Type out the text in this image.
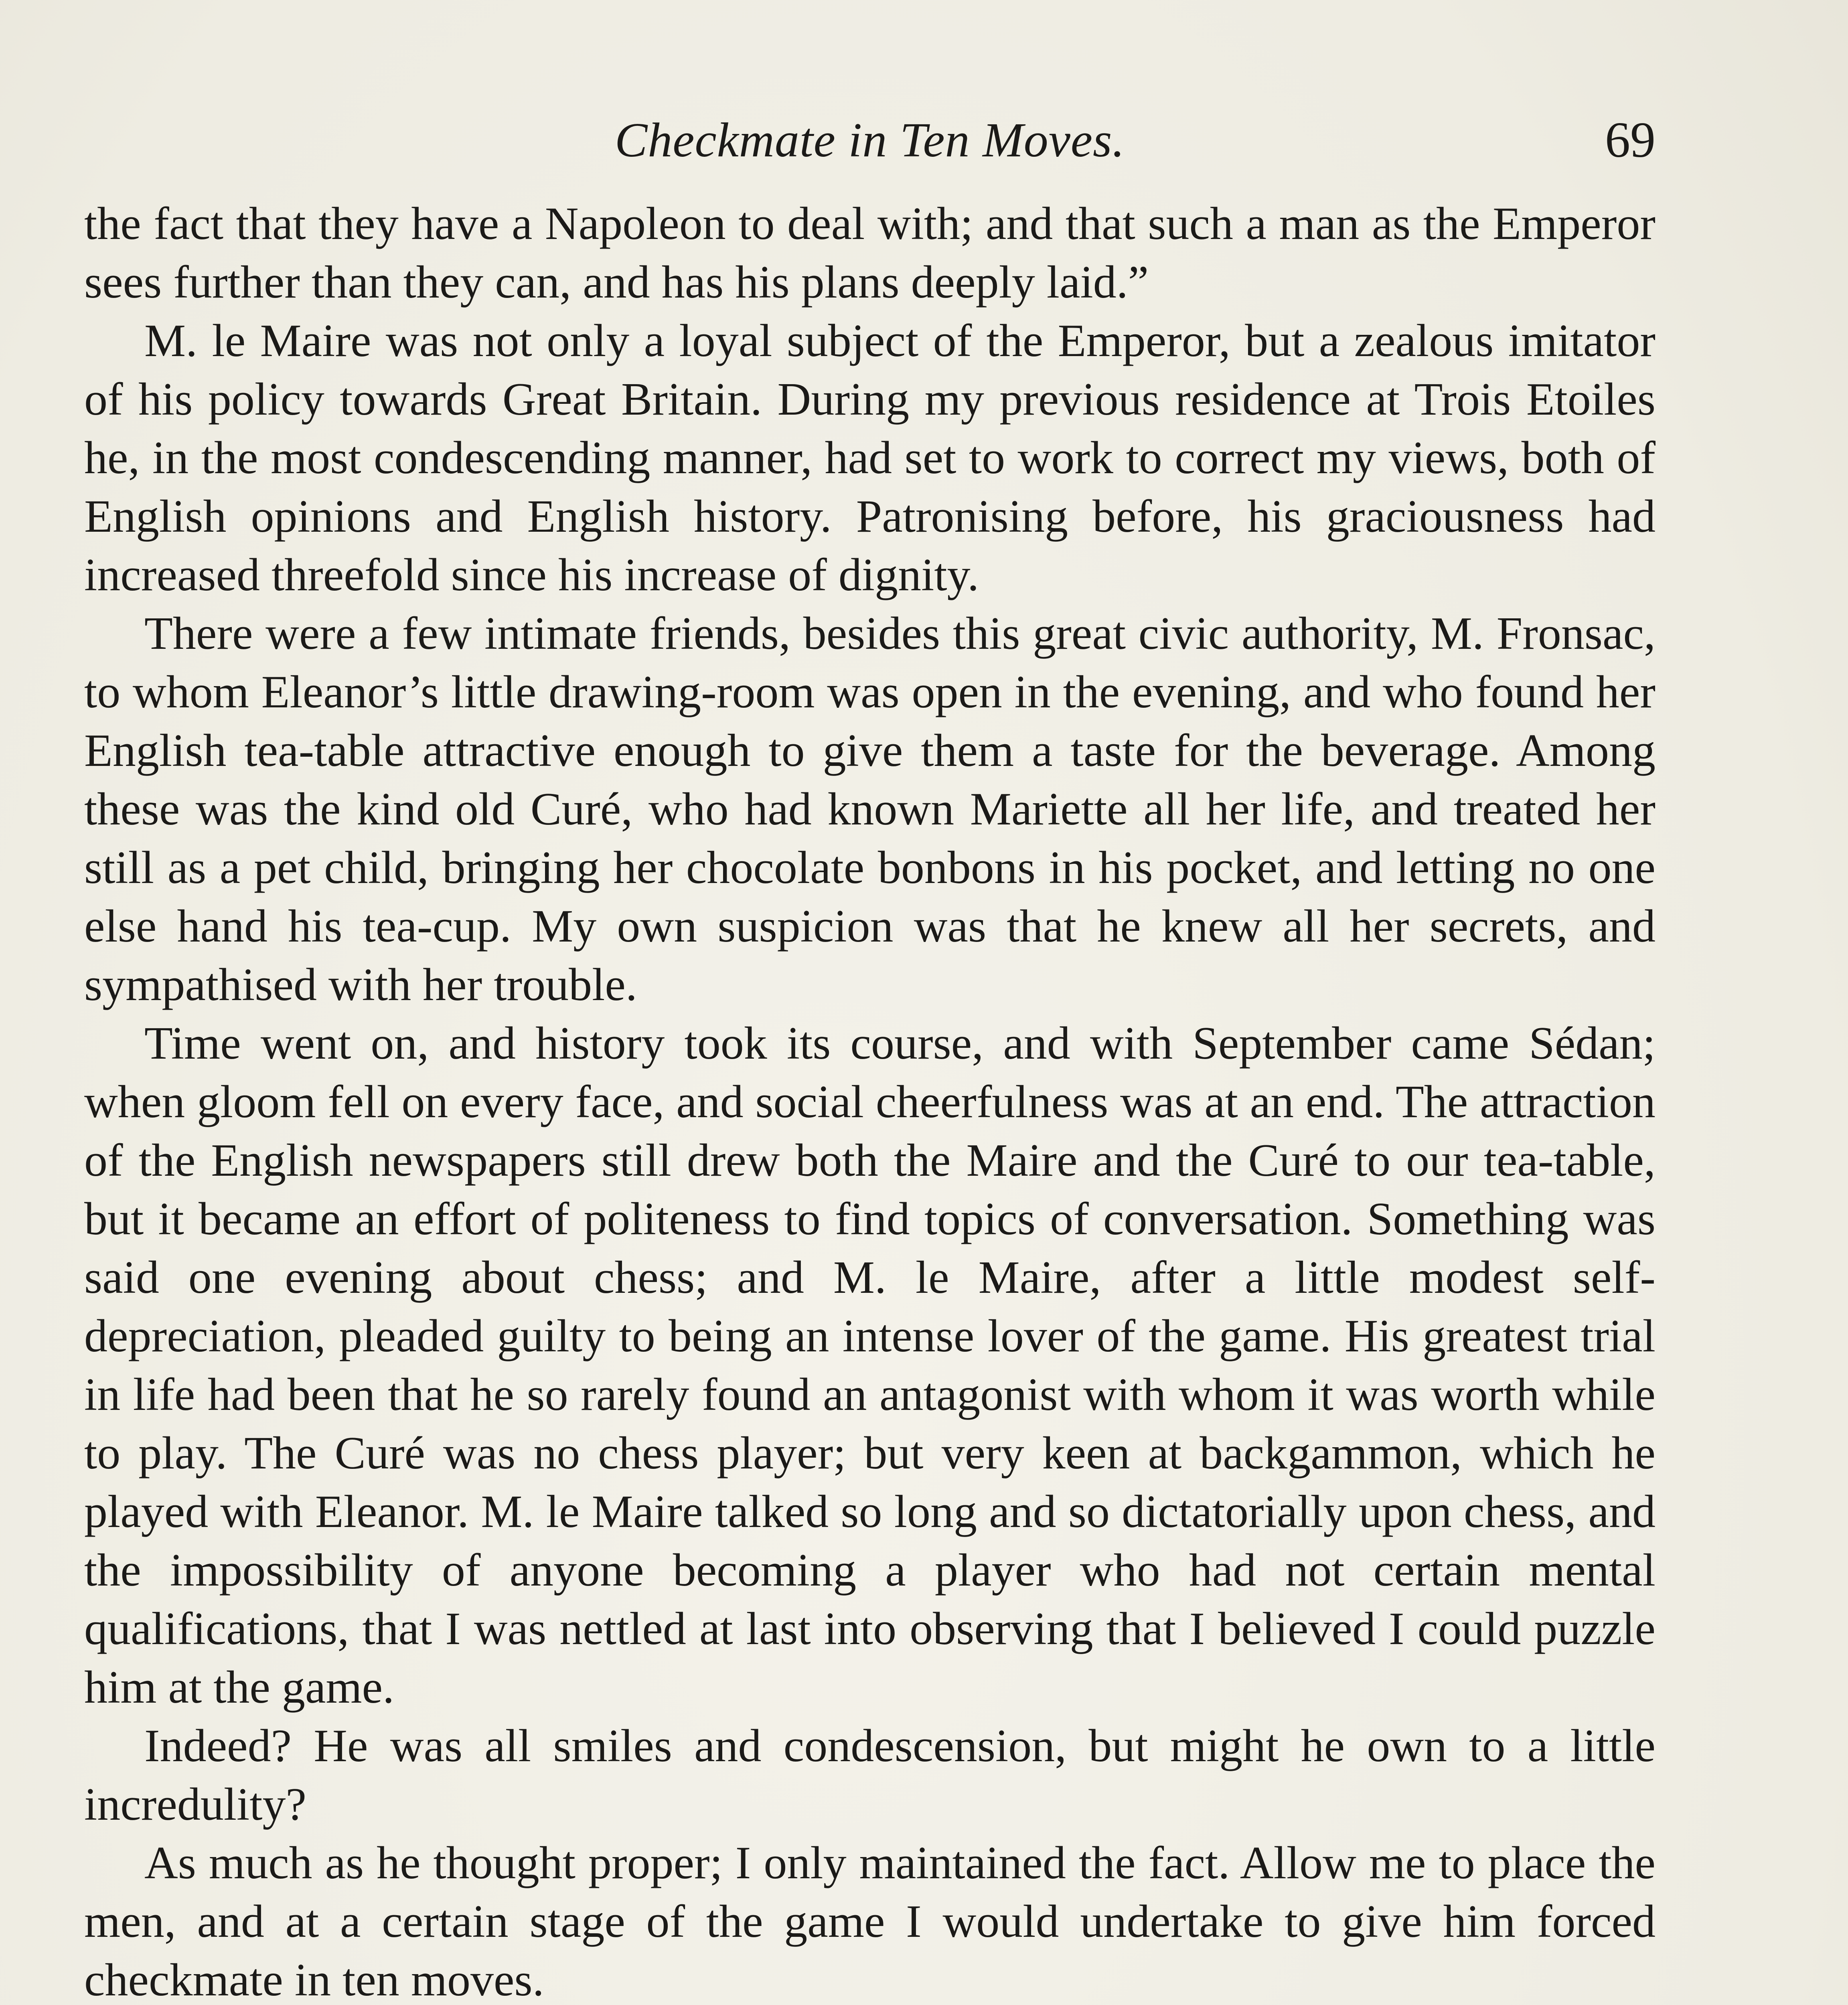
Checkmate in Ten Moves.	69

the fact that they have a Napoleon to deal with; and that such a man as the Emperor sees further than they can, and has his plans deeply laid.”

M. le Maire was not only a loyal subject of the Emperor, but a zealous imitator of his policy towards Great Britain. During my previous residence at Trois Etoiles he, in the most condescending manner, had set to work to correct my views, both of English opinions and English history. Patronising before, his graciousness had increased threefold since his increase of dignity.

There were a few intimate friends, besides this great civic authority, M. Fronsac, to whom Eleanor’s little drawing-room was open in the evening, and who found her English tea-table attractive enough to give them a taste for the beverage. Among these was the kind old Curé, who had known Mariette all her life, and treated her still as a pet child, bringing her chocolate bonbons in his pocket, and letting no one else hand his tea-cup. My own suspicion was that he knew all her secrets, and sympathised with her trouble.

Time went on, and history took its course, and with September came Sédan; when gloom fell on every face, and social cheerfulness was at an end. The attraction of the English newspapers still drew both the Maire and the Curé to our tea-table, but it became an effort of politeness to find topics of conversation. Something was said one evening about chess; and M. le Maire, after a little modest self-depreciation, pleaded guilty to being an intense lover of the game. His greatest trial in life had been that he so rarely found an antagonist with whom it was worth while to play. The Curé was no chess player; but very keen at backgammon, which he played with Eleanor. M. le Maire talked so long and so dictatorially upon chess, and the impossibility of anyone becoming a player who had not certain mental qualifications, that I was nettled at last into observing that I believed I could puzzle him at the game.

Indeed? He was all smiles and condescension, but might he own to a little incredulity?

As much as he thought proper; I only maintained the fact. Allow me to place the men, and at a certain stage of the game I would undertake to give him forced checkmate in ten moves.
